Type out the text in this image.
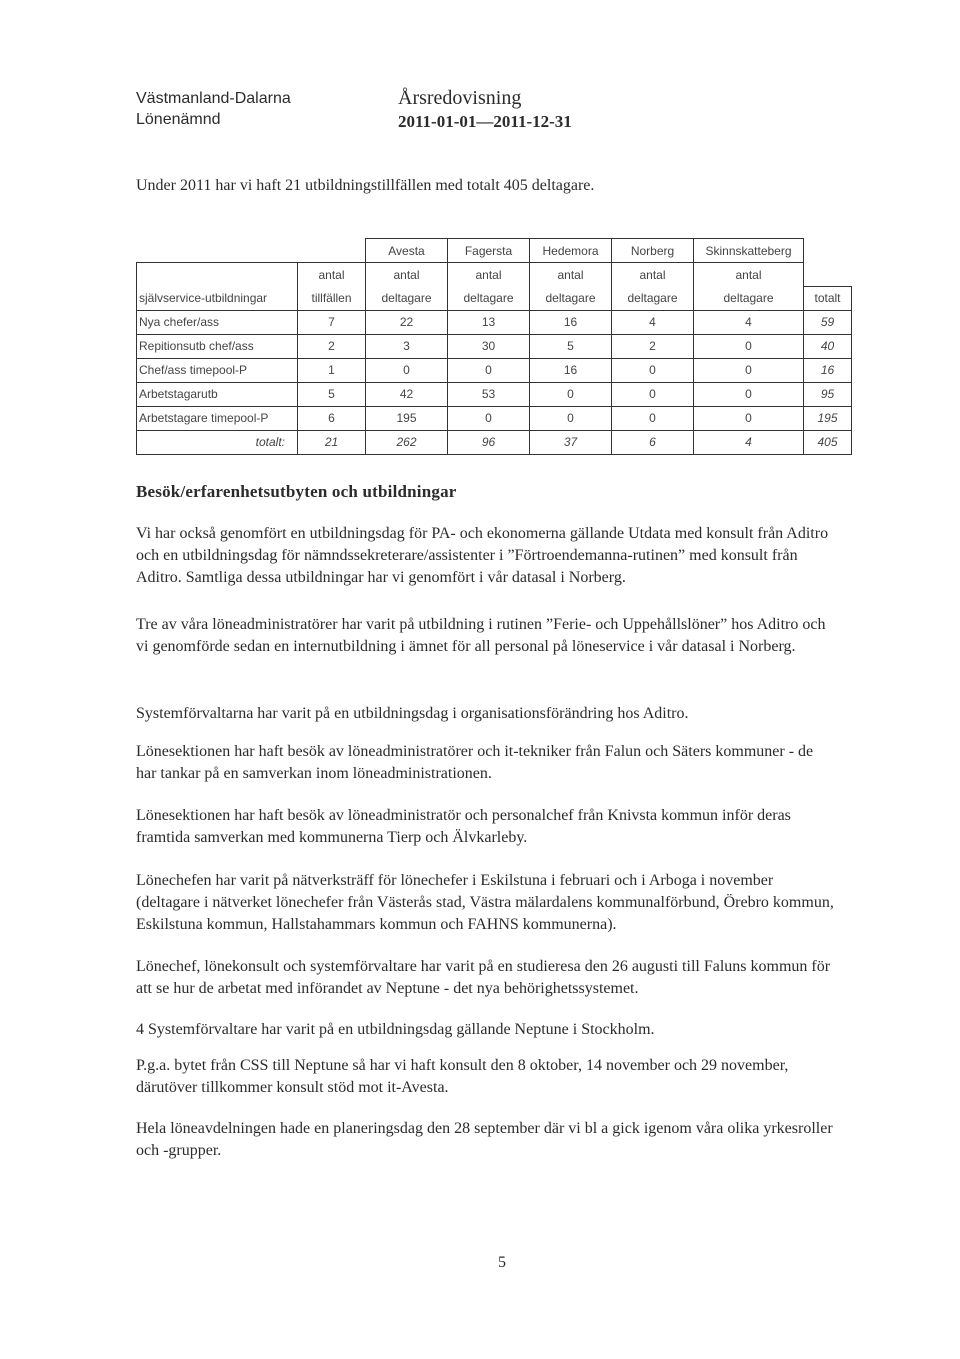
Västmanland-Dalarna
Lönenämnd
Årsredovisning
2011-01-01—2011-12-31
Under 2011 har vi haft 21 utbildningstillfällen med totalt 405 deltagare.
		Avesta	Fagersta	Hedemora	Norberg	Skinnskatteberg	
	antal	antal	antal	antal	antal	antal	
självservice-utbildningar	tillfällen	deltagare	deltagare	deltagare	deltagare	deltagare	totalt
Nya chefer/ass	7	22	13	16	4	4	59
Repitionsutb chef/ass	2	3	30	5	2	0	40
Chef/ass timepool-P	1	0	0	16	0	0	16
Arbetstagarutb	5	42	53	0	0	0	95
Arbetstagare timepool-P	6	195	0	0	0	0	195
totalt:	21	262	96	37	6	4	405
Besök/erfarenhetsutbyten och utbildningar
Vi har också genomfört en utbildningsdag för PA- och ekonomerna gällande Utdata med konsult från Aditro och en utbildningsdag för nämndssekreterare/assistenter i ”Förtroendemanna-rutinen” med konsult från Aditro. Samtliga dessa utbildningar har vi genomfört i vår datasal i Norberg.
Tre av våra löneadministratörer har varit på utbildning i rutinen ”Ferie- och Uppehållslöner” hos Aditro och vi genomförde sedan en internutbildning i ämnet för all personal på löneservice i vår datasal i Norberg.
Systemförvaltarna har varit på en utbildningsdag i organisationsförändring hos Aditro.
Lönesektionen har haft besök av löneadministratörer och it-tekniker från Falun och Säters kommuner - de har tankar på en samverkan inom löneadministrationen.
Lönesektionen har haft besök av löneadministratör och personalchef från Knivsta kommun inför deras framtida samverkan med kommunerna Tierp och Älvkarleby.
Lönechefen har varit på nätverksträff för lönechefer i Eskilstuna i februari och i Arboga i november (deltagare i nätverket lönechefer från Västerås stad, Västra mälardalens kommunalförbund, Örebro kommun, Eskilstuna kommun, Hallstahammars kommun och FAHNS kommunerna).
Lönechef, lönekonsult och systemförvaltare har varit på en studieresa den 26 augusti till Faluns kommun för att se hur de arbetat med införandet av Neptune - det nya behörighetssystemet.
4 Systemförvaltare har varit på en utbildningsdag gällande Neptune i Stockholm.
P.g.a. bytet från CSS till Neptune så har vi haft konsult den 8 oktober, 14 november och 29 november, därutöver tillkommer konsult stöd mot it-Avesta.
Hela löneavdelningen hade en planeringsdag den 28 september där vi bl a gick igenom våra olika yrkesroller och -grupper.
5
